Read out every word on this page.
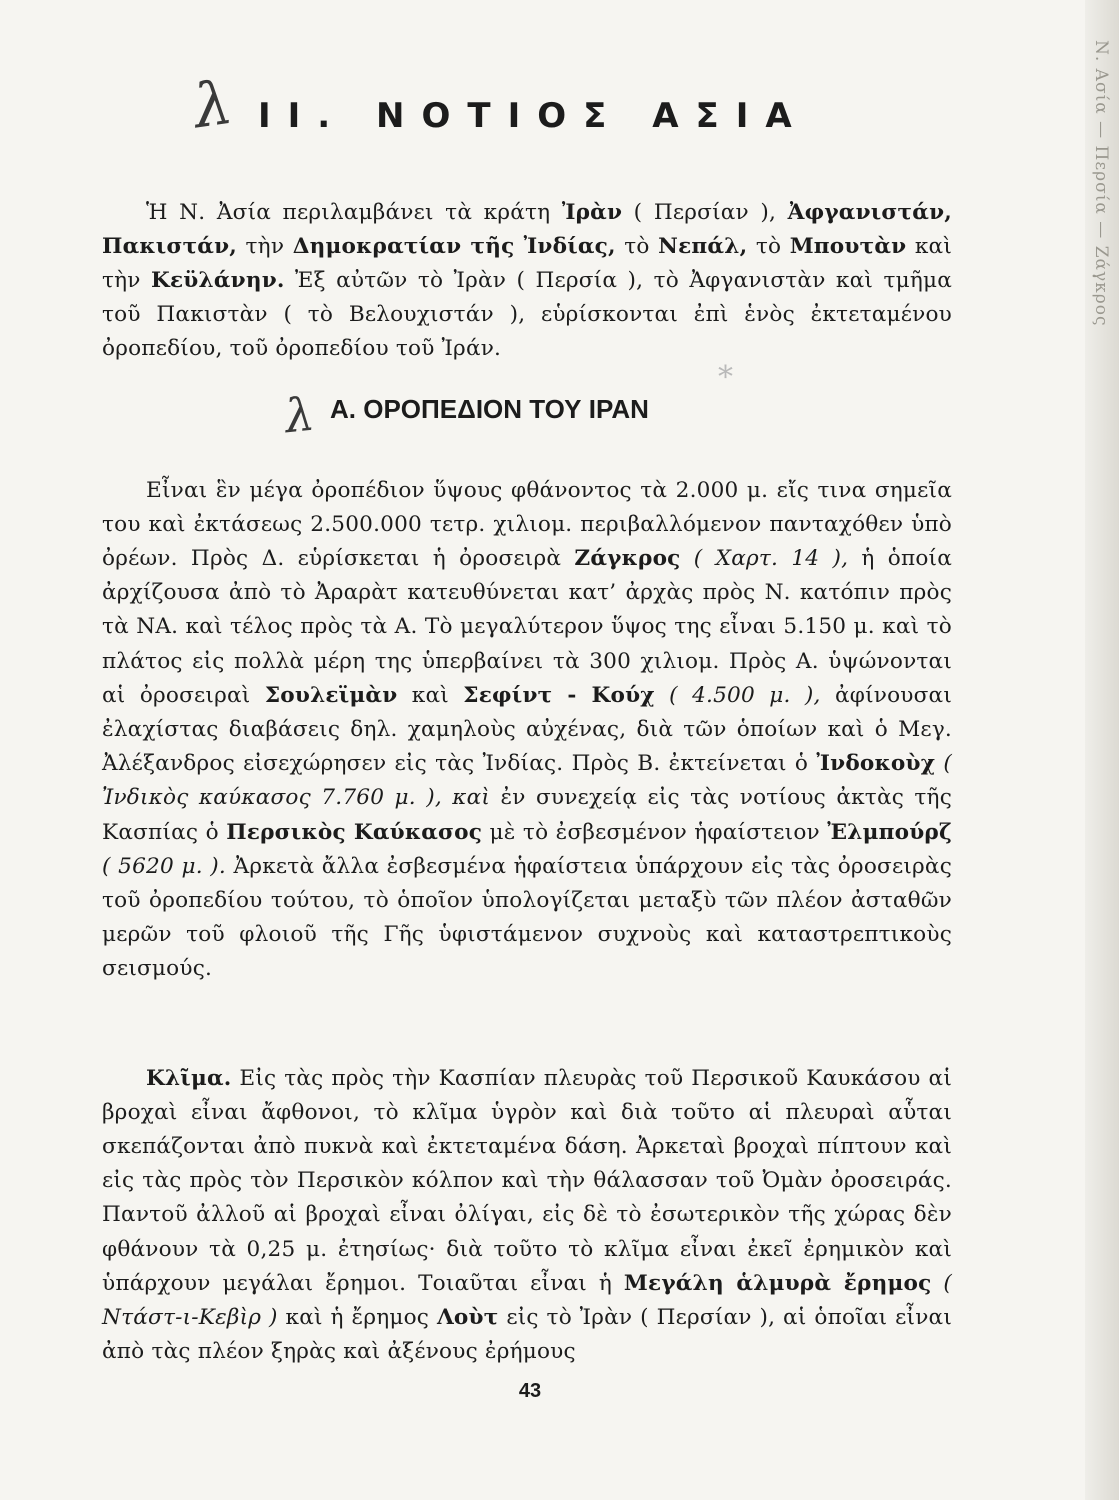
Ν. Ασία — Περσία — Ζάγκρος
λ
λ
*
II. ΝΟΤΙΟΣ ΑΣΙΑ

Ἡ Ν. Ἀσία περιλαμβάνει τὰ κράτη Ἰρὰν ( Περσίαν ), Ἀφγανιστάν, Πακιστάν, τὴν Δημοκρατίαν τῆς Ἰνδίας, τὸ Νεπάλ, τὸ Μπουτὰν καὶ τὴν Κεϋλάνην. Ἐξ αὐτῶν τὸ Ἰρὰν ( Περσία ), τὸ Ἀφγανιστὰν καὶ τμῆμα τοῦ Πακιστὰν ( τὸ Βελουχιστάν ), εὑρίσκονται ἐπὶ ἑνὸς ἐκτεταμένου ὀροπεδίου, τοῦ ὀροπεδίου τοῦ Ἰράν.

Α. ΟΡΟΠΕΔΙΟΝ ΤΟΥ ΙΡΑΝ

Εἶναι ἓν μέγα ὀροπέδιον ὕψους φθάνοντος τὰ 2.000 μ. εἴς τινα σημεῖα του καὶ ἐκτάσεως 2.500.000 τετρ. χιλιομ. περιβαλλόμενον πανταχόθεν ὑπὸ ὀρέων. Πρὸς Δ. εὑρίσκεται ἡ ὀροσειρὰ Ζάγκρος ( Χαρτ. 14 ), ἡ ὁποία ἀρχίζουσα ἀπὸ τὸ Ἀραρὰτ κατευθύνεται κατ’ ἀρχὰς πρὸς Ν. κατόπιν πρὸς τὰ ΝΑ. καὶ τέλος πρὸς τὰ Α. Τὸ μεγαλύτερον ὕψος της εἶναι 5.150 μ. καὶ τὸ πλάτος εἰς πολλὰ μέρη της ὑπερβαίνει τὰ 300 χιλιομ. Πρὸς Α. ὑψώνονται αἱ ὀροσειραὶ Σουλεϊμὰν καὶ Σεφίντ - Κούχ ( 4.500 μ. ), ἀφίνουσαι ἐλαχίστας διαβάσεις δηλ. χαμηλοὺς αὐχένας, διὰ τῶν ὁποίων καὶ ὁ Μεγ. Ἀλέξανδρος εἰσεχώρησεν εἰς τὰς Ἰνδίας. Πρὸς Β. ἐκτείνεται ὁ Ἰνδοκοὺχ ( Ἰνδικὸς καύκασος 7.760 μ. ), καὶ ἐν συνεχείᾳ εἰς τὰς νοτίους ἀκτὰς τῆς Κασπίας ὁ Περσικὸς Καύκασος μὲ τὸ ἐσβεσμένον ἡφαίστειον Ἐλμπούρζ ( 5620 μ. ). Ἀρκετὰ ἄλλα ἐσβεσμένα ἡφαίστεια ὑπάρχουν εἰς τὰς ὀροσειρὰς τοῦ ὀροπεδίου τούτου, τὸ ὁποῖον ὑπολογίζεται μεταξὺ τῶν πλέον ἀσταθῶν μερῶν τοῦ φλοιοῦ τῆς Γῆς ὑφιστάμενον συχνοὺς καὶ καταστρεπτικοὺς σεισμούς.

Κλῖμα. Εἰς τὰς πρὸς τὴν Κασπίαν πλευρὰς τοῦ Περσικοῦ Καυκάσου αἱ βροχαὶ εἶναι ἄφθονοι, τὸ κλῖμα ὑγρὸν καὶ διὰ τοῦτο αἱ πλευραὶ αὗται σκεπάζονται ἀπὸ πυκνὰ καὶ ἐκτεταμένα δάση. Ἀρκεταὶ βροχαὶ πίπτουν καὶ εἰς τὰς πρὸς τὸν Περσικὸν κόλπον καὶ τὴν θάλασσαν τοῦ Ὀμὰν ὀροσειράς. Παντοῦ ἀλλοῦ αἱ βροχαὶ εἶναι ὀλίγαι, εἰς δὲ τὸ ἐσωτερικὸν τῆς χώρας δὲν φθάνουν τὰ 0,25 μ. ἐτησίως· διὰ τοῦτο τὸ κλῖμα εἶναι ἐκεῖ ἐρημικὸν καὶ ὑπάρχουν μεγάλαι ἔρημοι. Τοιαῦται εἶναι ἡ Μεγάλη ἁλμυρὰ ἔρημος ( Ντάστ-ι-Κεβὶρ ) καὶ ἡ ἔρημος Λοὺτ εἰς τὸ Ἰρὰν ( Περσίαν ), αἱ ὁποῖαι εἶναι ἀπὸ τὰς πλέον ξηρὰς καὶ ἀξένους ἐρήμους

43
